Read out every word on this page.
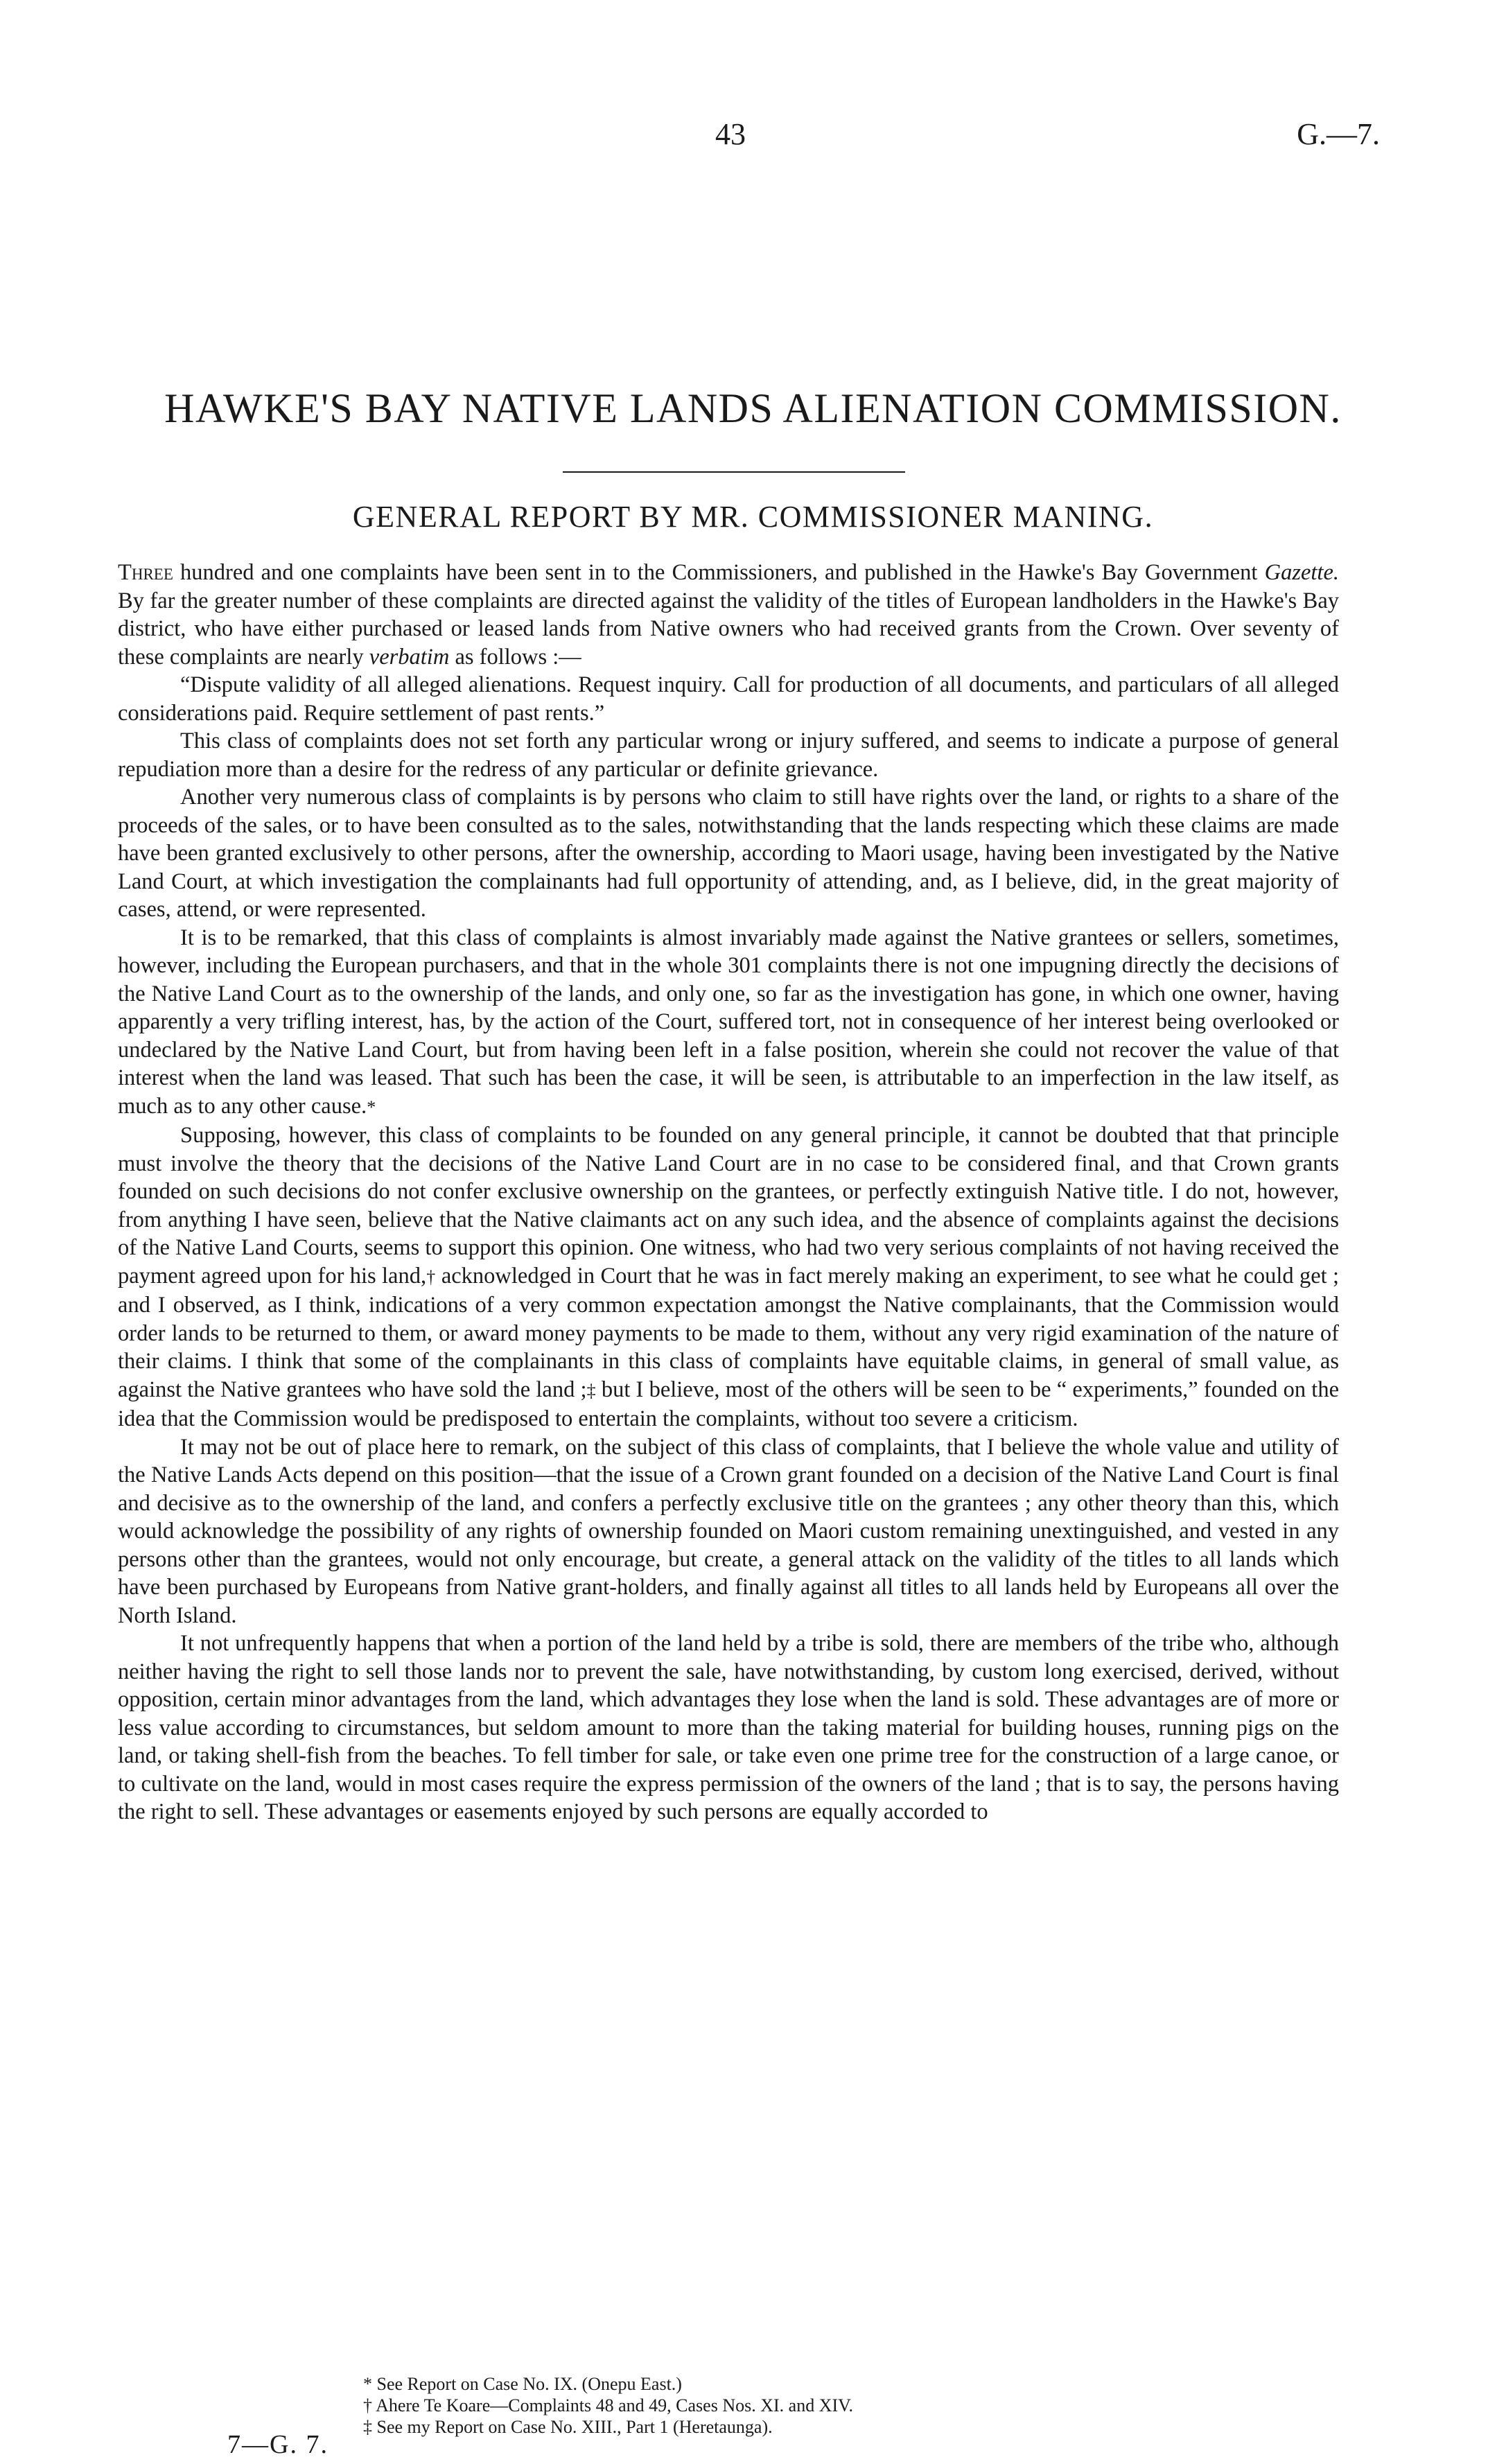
43	G.—7.
HAWKE'S BAY NATIVE LANDS ALIENATION COMMISSION.
GENERAL REPORT BY MR. COMMISSIONER MANING.

Three hundred and one complaints have been sent in to the Commissioners, and published in the Hawke's Bay Government Gazette. By far the greater number of these complaints are directed against the validity of the titles of European landholders in the Hawke's Bay district, who have either purchased or leased lands from Native owners who had received grants from the Crown. Over seventy of these complaints are nearly verbatim as follows :—

“Dispute validity of all alleged alienations. Request inquiry. Call for production of all documents, and particulars of all alleged considerations paid. Require settlement of past rents.”

This class of complaints does not set forth any particular wrong or injury suffered, and seems to indicate a purpose of general repudiation more than a desire for the redress of any particular or definite grievance.

Another very numerous class of complaints is by persons who claim to still have rights over the land, or rights to a share of the proceeds of the sales, or to have been consulted as to the sales, notwithstanding that the lands respecting which these claims are made have been granted exclusively to other persons, after the ownership, according to Maori usage, having been investigated by the Native Land Court, at which investigation the complainants had full opportunity of attending, and, as I believe, did, in the great majority of cases, attend, or were represented.

It is to be remarked, that this class of complaints is almost invariably made against the Native grantees or sellers, sometimes, however, including the European purchasers, and that in the whole 301 complaints there is not one impugning directly the decisions of the Native Land Court as to the ownership of the lands, and only one, so far as the investigation has gone, in which one owner, having apparently a very trifling interest, has, by the action of the Court, suffered tort, not in consequence of her interest being overlooked or undeclared by the Native Land Court, but from having been left in a false position, wherein she could not recover the value of that interest when the land was leased. That such has been the case, it will be seen, is attributable to an imperfection in the law itself, as much as to any other cause.*

Supposing, however, this class of complaints to be founded on any general principle, it cannot be doubted that that principle must involve the theory that the decisions of the Native Land Court are in no case to be considered final, and that Crown grants founded on such decisions do not confer exclusive ownership on the grantees, or perfectly extinguish Native title. I do not, however, from anything I have seen, believe that the Native claimants act on any such idea, and the absence of complaints against the decisions of the Native Land Courts, seems to support this opinion. One witness, who had two very serious complaints of not having received the payment agreed upon for his land,† acknowledged in Court that he was in fact merely making an experiment, to see what he could get ; and I observed, as I think, indications of a very common expectation amongst the Native complainants, that the Commission would order lands to be returned to them, or award money payments to be made to them, without any very rigid examination of the nature of their claims. I think that some of the complainants in this class of complaints have equitable claims, in general of small value, as against the Native grantees who have sold the land ;‡ but I believe, most of the others will be seen to be “ experiments,” founded on the idea that the Commission would be predisposed to entertain the complaints, without too severe a criticism.

It may not be out of place here to remark, on the subject of this class of complaints, that I believe the whole value and utility of the Native Lands Acts depend on this position—that the issue of a Crown grant founded on a decision of the Native Land Court is final and decisive as to the ownership of the land, and confers a perfectly exclusive title on the grantees ; any other theory than this, which would acknowledge the possibility of any rights of ownership founded on Maori custom remaining unextinguished, and vested in any persons other than the grantees, would not only encourage, but create, a general attack on the validity of the titles to all lands which have been purchased by Europeans from Native grant-holders, and finally against all titles to all lands held by Europeans all over the North Island.

It not unfrequently happens that when a portion of the land held by a tribe is sold, there are members of the tribe who, although neither having the right to sell those lands nor to prevent the sale, have notwithstanding, by custom long exercised, derived, without opposition, certain minor advantages from the land, which advantages they lose when the land is sold. These advantages are of more or less value according to circumstances, but seldom amount to more than the taking material for building houses, running pigs on the land, or taking shell-fish from the beaches. To fell timber for sale, or take even one prime tree for the construction of a large canoe, or to cultivate on the land, would in most cases require the express permission of the owners of the land ; that is to say, the persons having the right to sell. These advantages or easements enjoyed by such persons are equally accorded to

* See Report on Case No. IX. (Onepu East.)

† Ahere Te Koare—Complaints 48 and 49, Cases Nos. XI. and XIV.

‡ See my Report on Case No. XIII., Part 1 (Heretaunga).

7—G. 7.
